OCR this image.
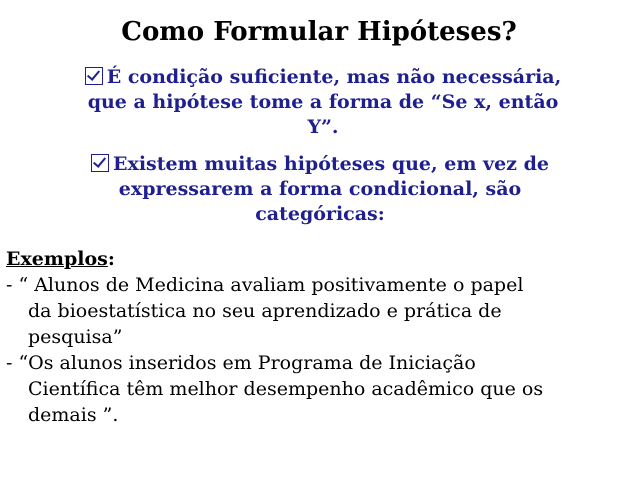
Como Formular Hipóteses?
É condição suficiente, mas não necessária,
que a hipótese tome a forma de “Se x, então
Y”.
Existem muitas hipóteses que, em vez de
expressarem a forma condicional, são
categóricas:
Exemplos:
- “ Alunos de Medicina avaliam positivamente o papel
da bioestatística no seu aprendizado e prática de
pesquisa”
- “Os alunos inseridos em Programa de Iniciação
Científica têm melhor desempenho acadêmico que os
demais ”.
